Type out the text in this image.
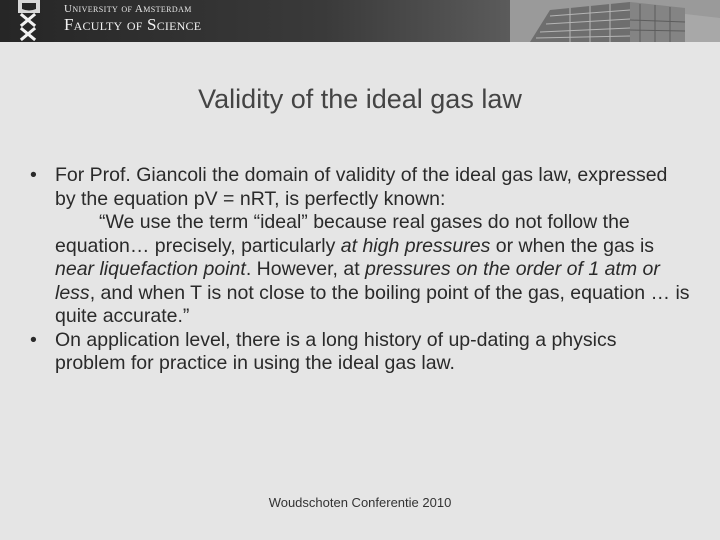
University of Amsterdam
Faculty of Science
Validity of the ideal gas law
• For Prof. Giancoli the domain of validity of the ideal gas law, expressed by the equation pV = nRT, is perfectly known:
“We use the term “ideal” because real gases do not follow the equation… precisely, particularly at high pressures or when the gas is near liquefaction point. However, at pressures on the order of 1 atm or less, and when T is not close to the boiling point of the gas, equation … is quite accurate.”
• On application level, there is a long history of up-dating a physics problem for practice in using the ideal gas law.
Woudschoten Conferentie 2010
